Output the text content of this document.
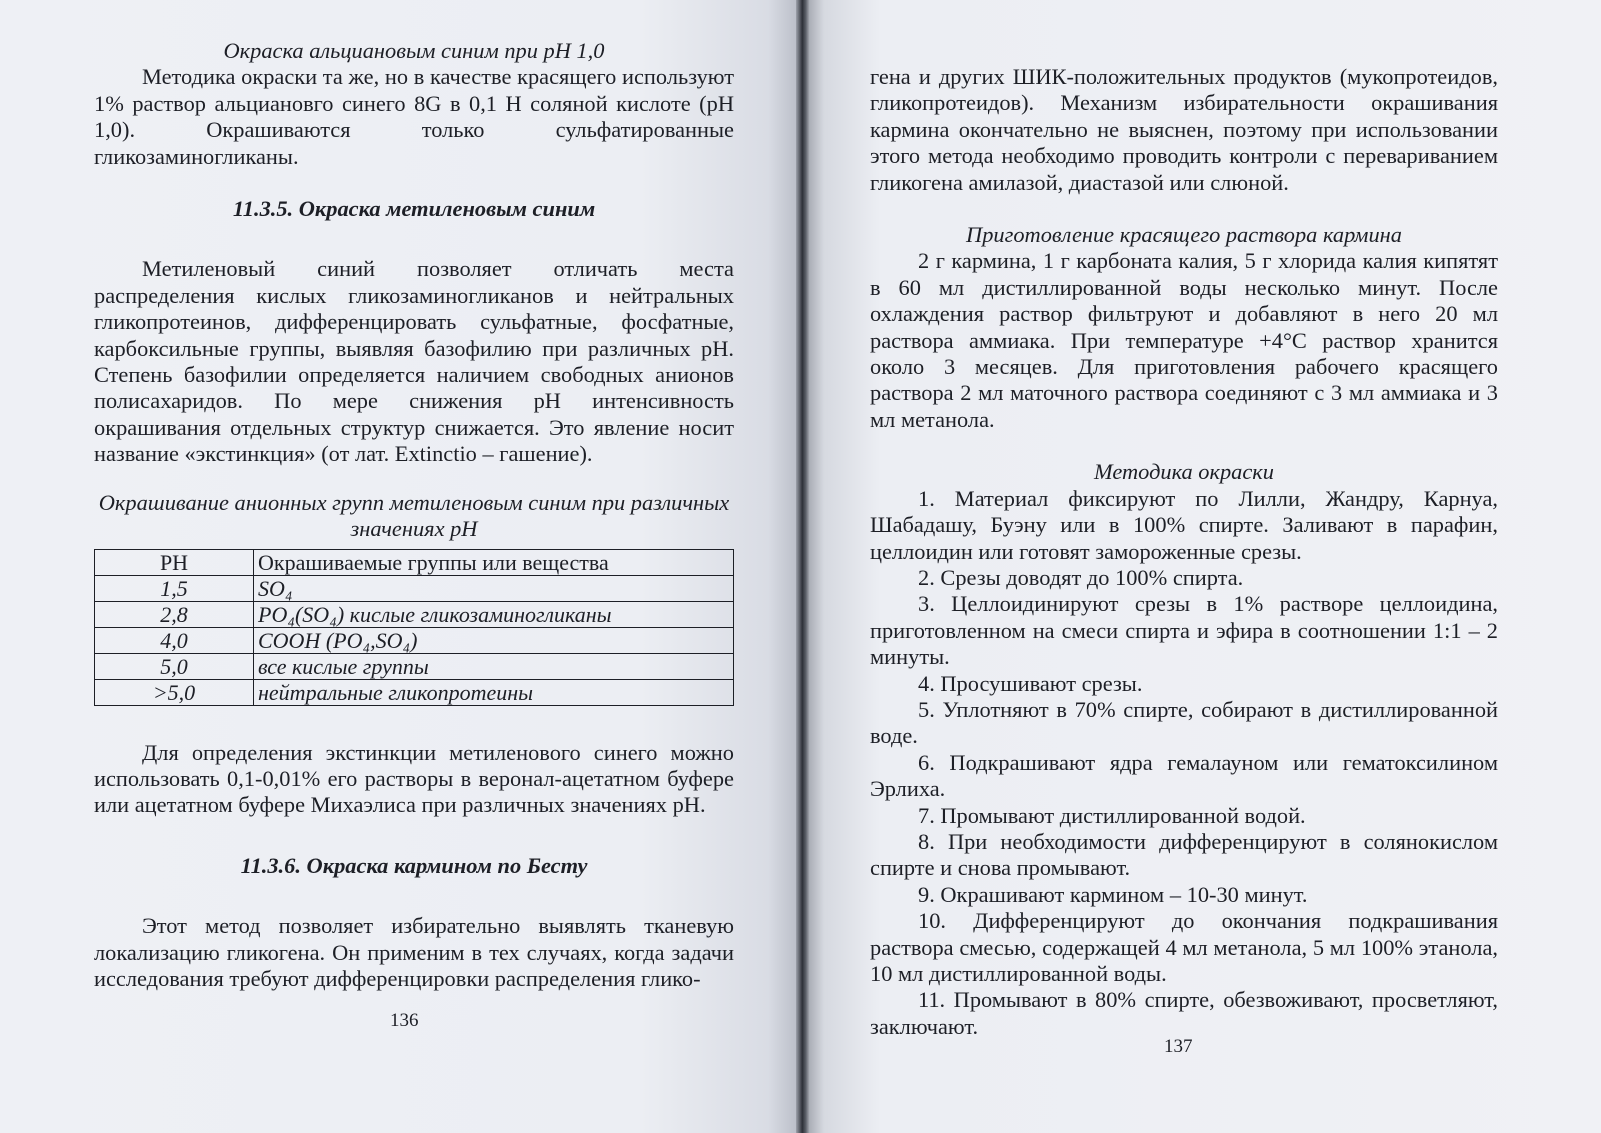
Окраска альциановым синим при pH 1,0

Методика окраски та же, но в качестве красящего используют 1% раствор альциановго синего 8G в 0,1 Н соляной кислоте (pH 1,0). Окрашиваются только сульфатированные гликозаминогликаны.

11.3.5. Окраска метиленовым синим

Метиленовый синий позволяет отличать места распределения кислых гликозаминогликанов и нейтральных гликопротеинов, дифференцировать сульфатные, фосфатные, карбоксильные группы, выявляя базофилию при различных pH. Степень базофилии определяется наличием свободных анионов полисахаридов. По мере снижения pH интенсивность окрашивания отдельных структур снижается. Это явление носит название «экстинкция» (от лат. Extinctio – гашение).

Окрашивание анионных групп метиленовым синим при различных значениях pH

PH	Окрашиваемые группы или вещества
1,5	SO₄
2,8	PO₄(SO₄) кислые гликозаминогликаны
4,0	COOH (PO₄,SO₄)
5,0	все кислые группы
>5,0	нейтральные гликопротеины

Для определения экстинкции метиленового синего можно использовать 0,1-0,01% его растворы в веронал-ацетатном буфере или ацетатном буфере Михаэлиса при различных значениях pH.

11.3.6. Окраска кармином по Бесту

Этот метод позволяет избирательно выявлять тканевую локализацию гликогена. Он применим в тех случаях, когда задачи исследования требуют дифференцировки распределения глико-

136

гена и других ШИК-положительных продуктов (мукопротеидов, гликопротеидов). Механизм избирательности окрашивания кармина окончательно не выяснен, поэтому при использовании этого метода необходимо проводить контроли с перевариванием гликогена амилазой, диастазой или слюной.

Приготовление красящего раствора кармина

2 г кармина, 1 г карбоната калия, 5 г хлорида калия кипятят в 60 мл дистиллированной воды несколько минут. После охлаждения раствор фильтруют и добавляют в него 20 мл раствора аммиака. При температуре +4°С раствор хранится около 3 месяцев. Для приготовления рабочего красящего раствора 2 мл маточного раствора соединяют с 3 мл аммиака и 3 мл метанола.

Методика окраски

1. Материал фиксируют по Лилли, Жандру, Карнуа, Шабадашу, Буэну или в 100% спирте. Заливают в парафин, целлоидин или готовят замороженные срезы.

2. Срезы доводят до 100% спирта.

3. Целлоидинируют срезы в 1% растворе целлоидина, приготовленном на смеси спирта и эфира в соотношении 1:1 – 2 минуты.

4. Просушивают срезы.

5. Уплотняют в 70% спирте, собирают в дистиллированной воде.

6. Подкрашивают ядра гемалауном или гематоксилином Эрлиха.

7. Промывают дистиллированной водой.

8. При необходимости дифференцируют в солянокислом спирте и снова промывают.

9. Окрашивают кармином – 10-30 минут.

10. Дифференцируют до окончания подкрашивания раствора смесью, содержащей 4 мл метанола, 5 мл 100% этанола, 10 мл дистиллированной воды.

11. Промывают в 80% спирте, обезвоживают, просветляют, заключают.

137
